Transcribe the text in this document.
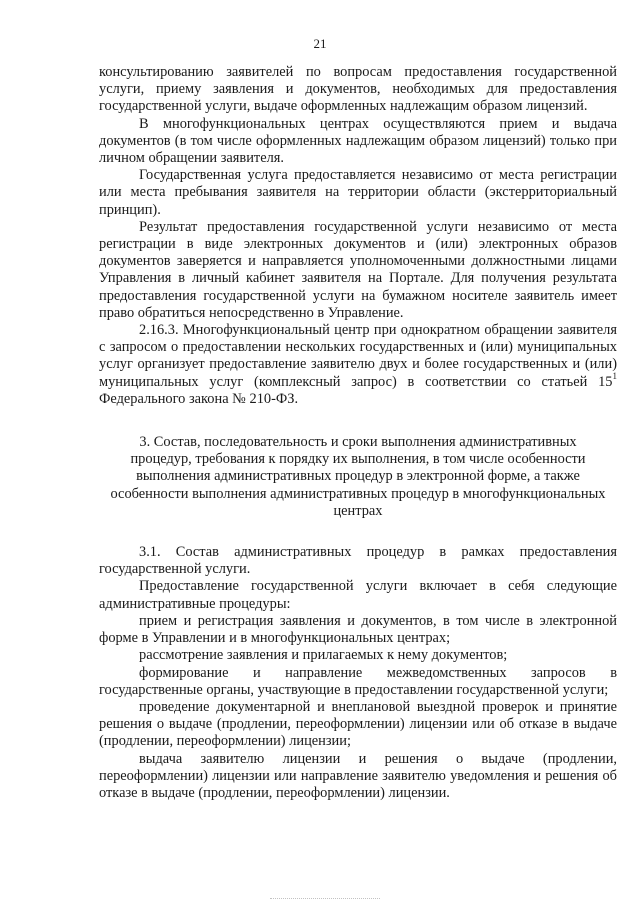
21

консультированию заявителей по вопросам предоставления государственной услуги, приему заявления и документов, необходимых для предоставления государственной услуги, выдаче оформленных надлежащим образом лицензий.

В многофункциональных центрах осуществляются прием и выдача документов (в том числе оформленных надлежащим образом лицензий) только при личном обращении заявителя.

Государственная услуга предоставляется независимо от места регистрации или места пребывания заявителя на территории области (экстерриториальный принцип).

Результат предоставления государственной услуги независимо от места регистрации в виде электронных документов и (или) электронных образов документов заверяется и направляется уполномоченными должностными лицами Управления в личный кабинет заявителя на Портале. Для получения результата предоставления государственной услуги на бумажном носителе заявитель имеет право обратиться непосредственно в Управление.

2.16.3. Многофункциональный центр при однократном обращении заявителя с запросом о предоставлении нескольких государственных и (или) муниципальных услуг организует предоставление заявителю двух и более государственных и (или) муниципальных услуг (комплексный запрос) в соответствии со статьей $15^1$ Федерального закона № 210-ФЗ.

3. Состав, последовательность и сроки выполнения административных процедур, требования к порядку их выполнения, в том числе особенности выполнения административных процедур в электронной форме, а также особенности выполнения административных процедур в многофункциональных центрах

3.1. Состав административных процедур в рамках предоставления государственной услуги.

Предоставление государственной услуги включает в себя следующие административные процедуры:

прием и регистрация заявления и документов, в том числе в электронной форме в Управлении и в многофункциональных центрах;

рассмотрение заявления и прилагаемых к нему документов;

формирование и направление межведомственных запросов в государственные органы, участвующие в предоставлении государственной услуги;

проведение документарной и внеплановой выездной проверок и принятие решения о выдаче (продлении, переоформлении) лицензии или об отказе в выдаче (продлении, переоформлении) лицензии;

выдача заявителю лицензии и решения о выдаче (продлении, переоформлении) лицензии или направление заявителю уведомления и решения об отказе в выдаче (продлении, переоформлении) лицензии.
